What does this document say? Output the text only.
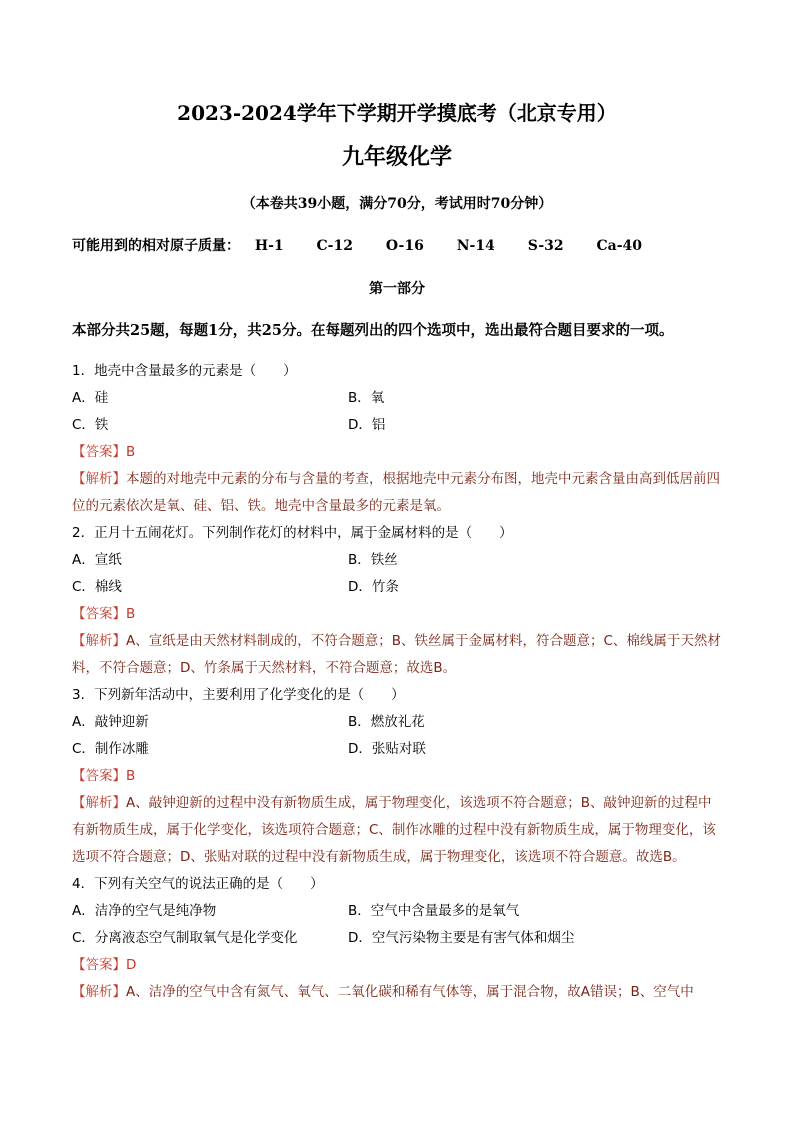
2023-2024学年下学期开学摸底考（北京专用）
九年级化学
（本卷共39小题，满分70分，考试用时70分钟）
可能用到的相对原子质量： H-1 C-12 O-16 N-14 S-32 Ca-40
第一部分
本部分共25题，每题1分，共25分。在每题列出的四个选项中，选出最符合题目要求的一项。
1．地壳中含量最多的元素是（　　）
A．硅	B．氧
C．铁	D．铝
【答案】B
【解析】本题的对地壳中元素的分布与含量的考查，根据地壳中元素分布图，地壳中元素含量由高到低居前四位的元素依次是氧、硅、铝、铁。地壳中含量最多的元素是氧。
2．正月十五闹花灯。下列制作花灯的材料中，属于金属材料的是（　　）
A．宣纸	B．铁丝
C．棉线	D．竹条
【答案】B
【解析】A、宣纸是由天然材料制成的，不符合题意；B、铁丝属于金属材料，符合题意；C、棉线属于天然材料，不符合题意；D、竹条属于天然材料，不符合题意；故选B。
3．下列新年活动中，主要利用了化学变化的是（　　）
A．敲钟迎新	B．燃放礼花
C．制作冰雕	D．张贴对联
【答案】B
【解析】A、敲钟迎新的过程中没有新物质生成，属于物理变化，该选项不符合题意；B、敲钟迎新的过程中有新物质生成，属于化学变化，该选项符合题意；C、制作冰雕的过程中没有新物质生成，属于物理变化，该选项不符合题意；D、张贴对联的过程中没有新物质生成，属于物理变化，该选项不符合题意。故选B。
4．下列有关空气的说法正确的是（　　）
A．洁净的空气是纯净物	B．空气中含量最多的是氧气
C．分离液态空气制取氧气是化学变化	D．空气污染物主要是有害气体和烟尘
【答案】D
【解析】A、洁净的空气中含有氮气、氧气、二氧化碳和稀有气体等，属于混合物，故A错误；B、空气中
